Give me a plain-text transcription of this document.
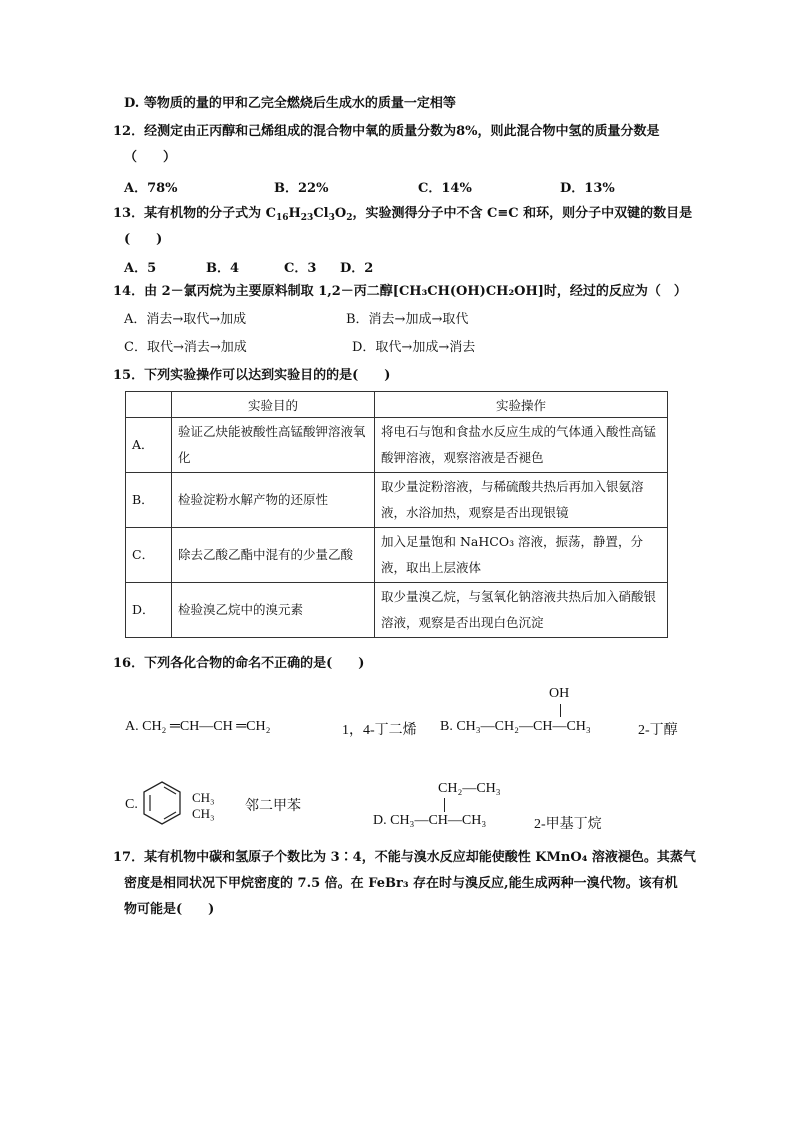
D. 等物质的量的甲和乙完全燃烧后生成水的质量一定相等
12．经测定由正丙醇和己烯组成的混合物中氧的质量分数为8%，则此混合物中氢的质量分数是
（　　）
A．78%	B．22%	C．14%	D．13%
13．某有机物的分子式为 $C_{16}H_{23}Cl_3O_2$，实验测得分子中不含 C≡C 和环，则分子中双键的数目是
(　　)
A．5	B．4	C．3 D．2
14．由 2－氯丙烷为主要原料制取 1,2－丙二醇[CH₃CH(OH)CH₂OH]时，经过的反应为（　）
A．消去→取代→加成	B．消去→加成→取代
C．取代→消去→加成	D．取代→加成→消去
15．下列实验操作可以达到实验目的的是(　　)
	实验目的	实验操作
A．	验证乙炔能被酸性高锰酸钾溶液氧化	将电石与饱和食盐水反应生成的气体通入酸性高锰酸钾溶液，观察溶液是否褪色
B．	检验淀粉水解产物的还原性	取少量淀粉溶液，与稀硫酸共热后再加入银氨溶液，水浴加热，观察是否出现银镜
C．	除去乙酸乙酯中混有的少量乙酸	加入足量饱和 NaHCO₃ 溶液，振荡，静置，分液，取出上层液体
D．	检验溴乙烷中的溴元素	取少量溴乙烷，与氢氧化钠溶液共热后加入硝酸银溶液，观察是否出现白色沉淀
16．下列各化合物的命名不正确的是(　　)
A. CH₂ ═CH—CH ═CH₂	1，4-丁二烯
OH
B. CH₃—CH₂—CH—CH₃	2-丁醇
C.	CH₃
CH₃ 邻二甲苯
CH₂—CH₃
D. CH₃—CH—CH₃	2-甲基丁烷
17．某有机物中碳和氢原子个数比为 3∶4，不能与溴水反应却能使酸性 KMnO₄ 溶液褪色。其蒸气
密度是相同状况下甲烷密度的 7.5 倍。在 FeBr₃ 存在时与溴反应,能生成两种一溴代物。该有机
物可能是(　　)
